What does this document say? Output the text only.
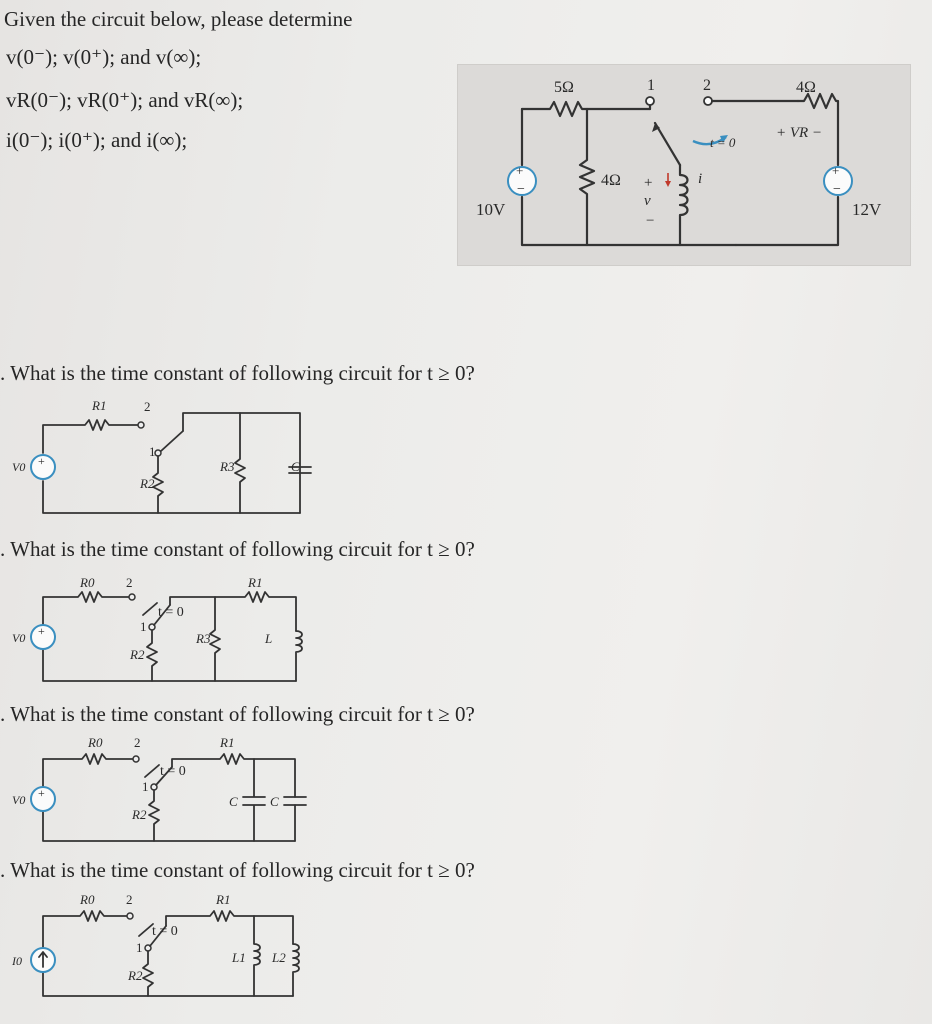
Given the circuit below, please determine
v(0⁻); v(0⁺); and v(∞);
vR(0⁻); vR(0⁺); and vR(∞);
i(0⁻); i(0⁺); and i(∞);
+
−
+
−
10V	12V
5Ω
4Ω
4Ω
1	2
t = 0
+ VR −
+
v
−
i
. What is the time constant of following circuit for t ≥ 0?
+
R1	2
1
R2
R3	C
V0
. What is the time constant of following circuit for t ≥ 0?
+
R0 2	R1
t = 0
1
R2
R3	L
V0
. What is the time constant of following circuit for t ≥ 0?
+
R0 2	R1
t = 0
1
R2
C C
V0
. What is the time constant of following circuit for t ≥ 0?
R0 2	R1
t = 0
1
R2
L1 L2
I0
